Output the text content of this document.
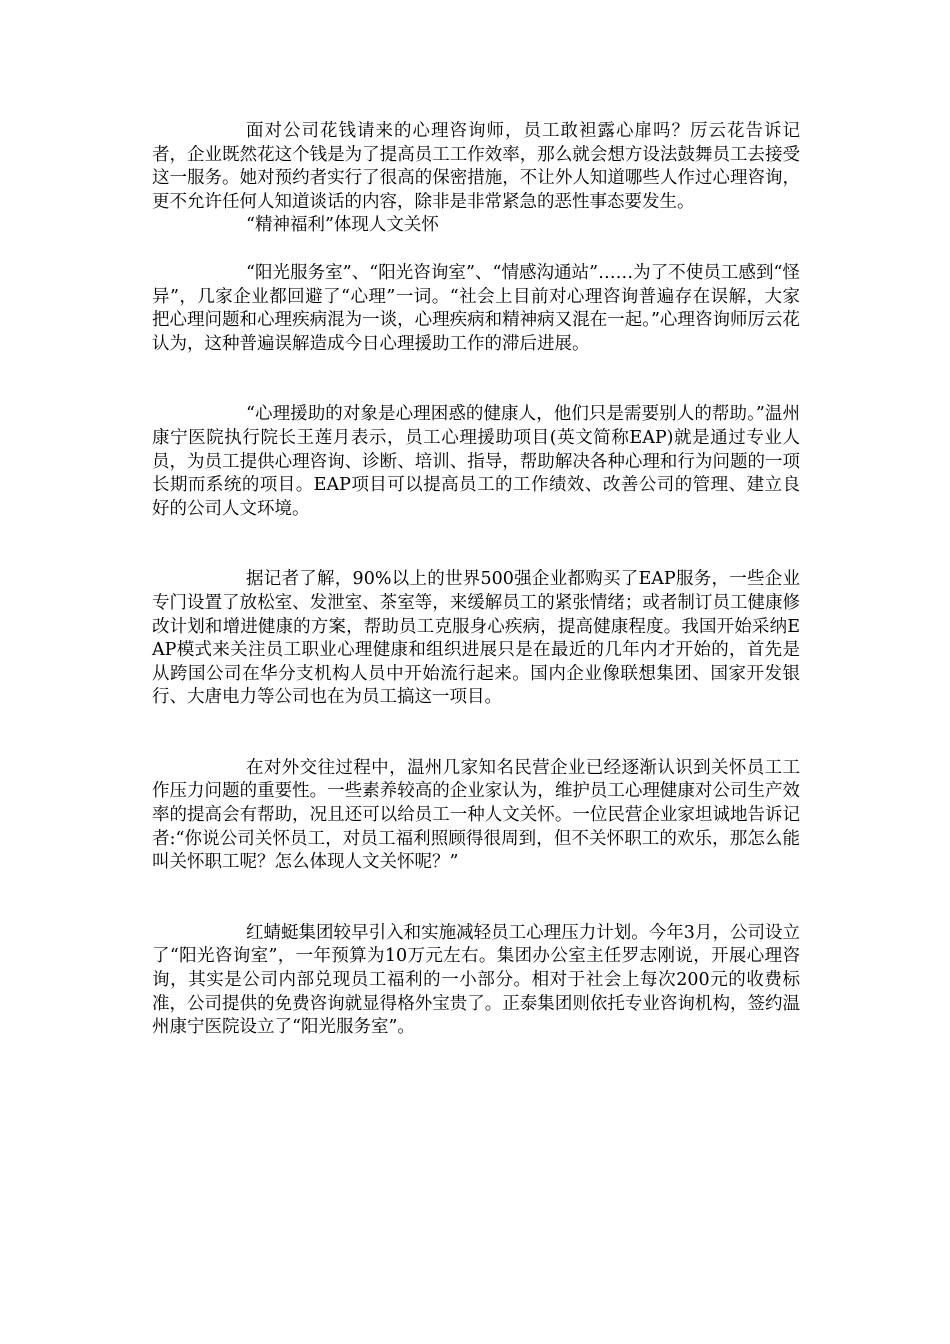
面对公司花钱请来的心理咨询师，员工敢袒露心扉吗？厉云花告诉记者，企业既然花这个钱是为了提高员工工作效率，那么就会想方设法鼓舞员工去接受这一服务。她对预约者实行了很高的保密措施，不让外人知道哪些人作过心理咨询，更不允许任何人知道谈话的内容，除非是非常紧急的恶性事态要发生。

“精神福利”体现人文关怀

“阳光服务室”、“阳光咨询室”、“情感沟通站”……为了不使员工感到“怪异”，几家企业都回避了“心理”一词。“社会上目前对心理咨询普遍存在误解，大家把心理问题和心理疾病混为一谈，心理疾病和精神病又混在一起。”心理咨询师厉云花认为，这种普遍误解造成今日心理援助工作的滞后进展。

“心理援助的对象是心理困惑的健康人，他们只是需要别人的帮助。”温州康宁医院执行院长王莲月表示，员工心理援助项目(英文简称EAP)就是通过专业人员，为员工提供心理咨询、诊断、培训、指导，帮助解决各种心理和行为问题的一项长期而系统的项目。EAP项目可以提高员工的工作绩效、改善公司的管理、建立良好的公司人文环境。

据记者了解，90%以上的世界500强企业都购买了EAP服务，一些企业专门设置了放松室、发泄室、茶室等，来缓解员工的紧张情绪；或者制订员工健康修改计划和增进健康的方案，帮助员工克服身心疾病，提高健康程度。我国开始采纳EAP模式来关注员工职业心理健康和组织进展只是在最近的几年内才开始的，首先是从跨国公司在华分支机构人员中开始流行起来。国内企业像联想集团、国家开发银行、大唐电力等公司也在为员工搞这一项目。

在对外交往过程中，温州几家知名民营企业已经逐渐认识到关怀员工工作压力问题的重要性。一些素养较高的企业家认为，维护员工心理健康对公司生产效率的提高会有帮助，况且还可以给员工一种人文关怀。一位民营企业家坦诚地告诉记者:“你说公司关怀员工，对员工福利照顾得很周到，但不关怀职工的欢乐，那怎么能叫关怀职工呢？怎么体现人文关怀呢？”

红蜻蜓集团较早引入和实施减轻员工心理压力计划。今年3月，公司设立了“阳光咨询室”，一年预算为10万元左右。集团办公室主任罗志刚说，开展心理咨询，其实是公司内部兑现员工福利的一小部分。相对于社会上每次200元的收费标准，公司提供的免费咨询就显得格外宝贵了。正泰集团则依托专业咨询机构，签约温州康宁医院设立了“阳光服务室”。
